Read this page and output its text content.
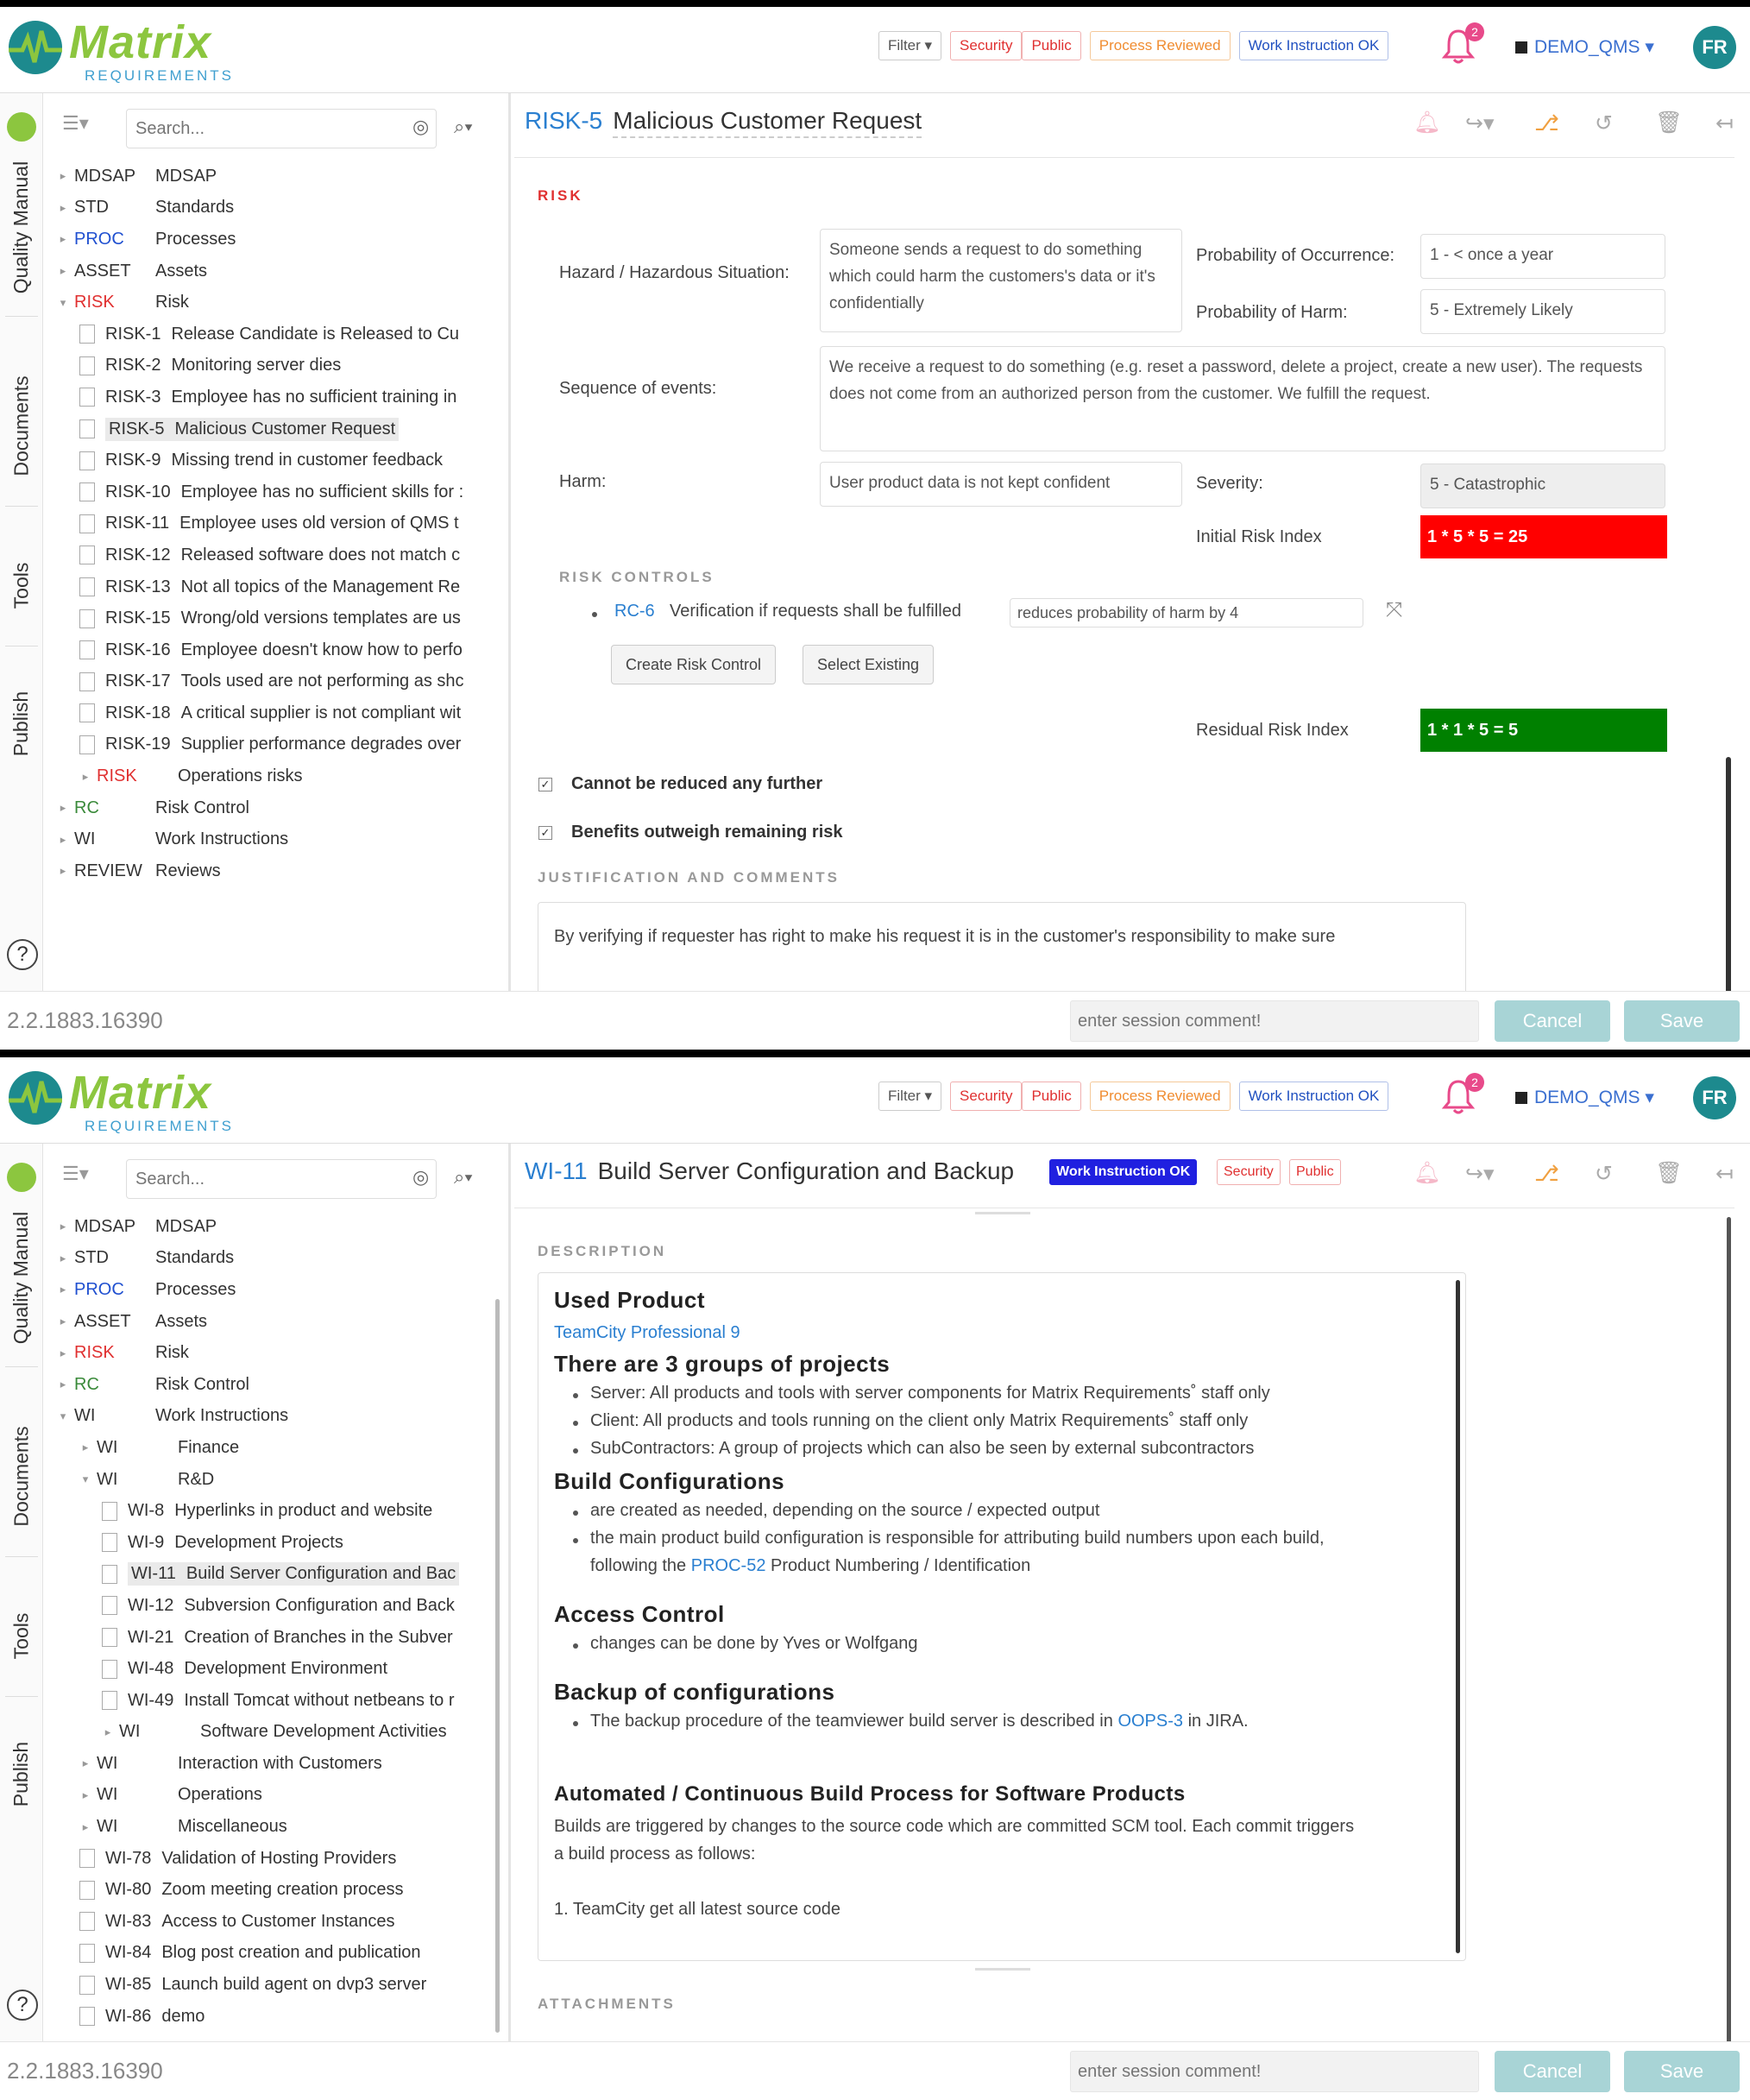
Matrix
REQUIREMENTS
Filter ▾	Security	Public	Process Reviewed	Work Instruction OK
2
DEMO_QMS ▾	FR
Quality Manual
Documents
Tools
Publish
?
☰▾
Search...	◎ ⌕▾
▸ MDSAP MDSAP
▸ STD	Standards
▸ PROC Processes
▸ ASSET Assets
▾ RISK Risk
RISK-1 Release Candidate is Released to Cu
RISK-2 Monitoring server dies
RISK-3 Employee has no sufficient training in
RISK-5 Malicious Customer Request
RISK-9 Missing trend in customer feedback
RISK-10 Employee has no sufficient skills for :
RISK-11 Employee uses old version of QMS t
RISK-12 Released software does not match c
RISK-13 Not all topics of the Management Re
RISK-15 Wrong/old versions templates are us
RISK-16 Employee doesn't know how to perfo
RISK-17 Tools used are not performing as shc
RISK-18 A critical supplier is not compliant wit
RISK-19 Supplier performance degrades over
▸ RISK Operations risks
▸ RC	Risk Control
▸ WI	Work Instructions
▸ REVIEW Reviews
RISK-5 Malicious Customer Request	🔔︎ ↪▾ ⎇ ↺ 🗑︎ ↤
RISK
Hazard / Hazardous Situation:
Someone sends a request to do something which could harm the customers's data or it's confidentially
Probability of Occurrence:	1 - < once a year
Probability of Harm:	5 - Extremely Likely
Sequence of events:
We receive a request to do something (e.g. reset a password, delete a project, create a new user). The requests does not come from an authorized person from the customer. We fulfill the request.
Harm:	User product data is not kept confident	Severity:	5 - Catastrophic
Initial Risk Index	1 * 5 * 5 = 25
RISK CONTROLS
RC-6 Verification if requests shall be fulfilled	reduces probability of harm by 4	⤧
Create Risk Control	Select Existing
Residual Risk Index	1 * 1 * 5 = 5
✓ Cannot be reduced any further
✓ Benefits outweigh remaining risk
JUSTIFICATION AND COMMENTS
By verifying if requester has right to make his request it is in the customer's responsibility to make sure
2.2.1883.16390
enter session comment!	Cancel	Save
Matrix
REQUIREMENTS
Filter ▾	Security	Public	Process Reviewed	Work Instruction OK
2
DEMO_QMS ▾	FR
Quality Manual
Documents
Tools
Publish
?
☰▾
Search...	◎ ⌕▾
▸ MDSAP MDSAP
▸ STD	Standards
▸ PROC Processes
▸ ASSET Assets
▸ RISK Risk
▸ RC	Risk Control
▾ WI	Work Instructions
▸ WI	Finance
▾ WI	R&D
WI-8 Hyperlinks in product and website
WI-9 Development Projects
WI-11 Build Server Configuration and Bac
WI-12 Subversion Configuration and Back
WI-21 Creation of Branches in the Subver
WI-48 Development Environment
WI-49 Install Tomcat without netbeans to r
▸ WI	Software Development Activities
▸ WI	Interaction with Customers
▸ WI	Operations
▸ WI	Miscellaneous
WI-78 Validation of Hosting Providers
WI-80 Zoom meeting creation process
WI-83 Access to Customer Instances
WI-84 Blog post creation and publication
WI-85 Launch build agent on dvp3 server
WI-86 demo
WI-11 Build Server Configuration and Backup	Work Instruction OK	Security	Public	🔔︎ ↪▾ ⎇ ↺ 🗑︎ ↤
DESCRIPTION
Used Product
TeamCity Professional 9
There are 3 groups of projects
Server: All products and tools with server components for Matrix Requirements˚ staff only
Client: All products and tools running on the client only Matrix Requirements˚ staff only
SubContractors: A group of projects which can also be seen by external subcontractors
Build Configurations
are created as needed, depending on the source / expected output
the main product build configuration is responsible for attributing build numbers upon each build,
following the PROC-52 Product Numbering / Identification
Access Control
changes can be done by Yves or Wolfgang
Backup of configurations
The backup procedure of the teamviewer build server is described in OOPS-3 in JIRA.
Automated / Continuous Build Process for Software Products
Builds are triggered by changes to the source code which are committed SCM tool. Each commit triggers
a build process as follows:
1. TeamCity get all latest source code
ATTACHMENTS
2.2.1883.16390
enter session comment!	Cancel	Save
